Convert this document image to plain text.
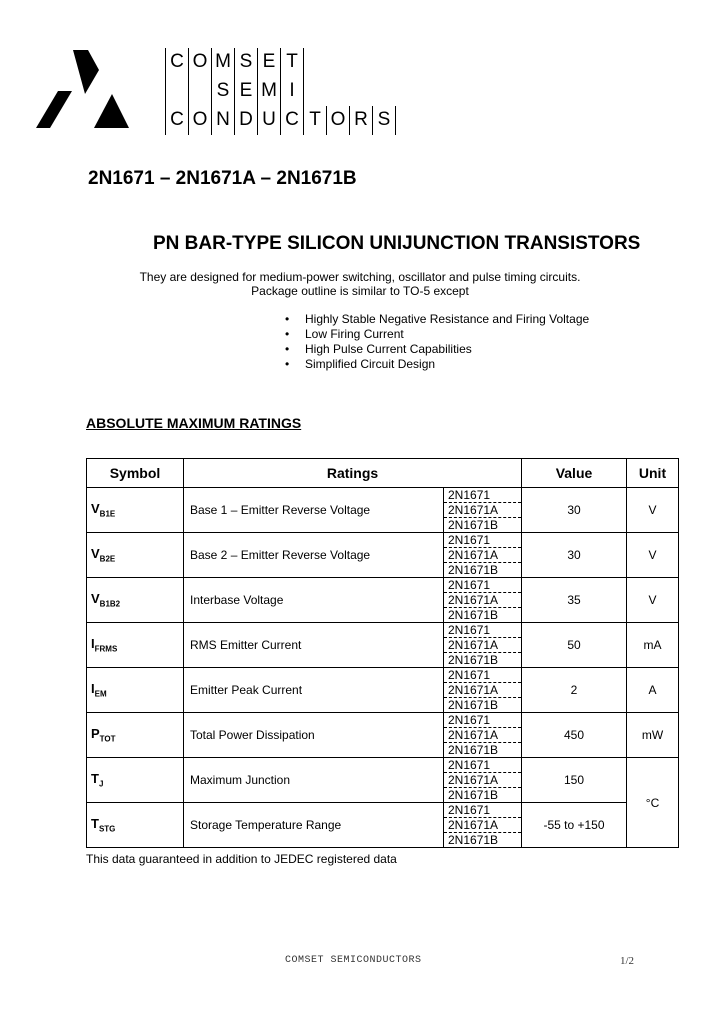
C O M S E T
S E M I
C O N D U C T O R S
2N1671 – 2N1671A – 2N1671B
PN BAR-TYPE SILICON UNIJUNCTION TRANSISTORS
They are designed for medium-power switching, oscillator and pulse timing circuits.
Package outline is similar to TO-5 except
• Highly Stable Negative Resistance and Firing Voltage
• Low Firing Current
• High Pulse Current Capabilities
• Simplified Circuit Design
ABSOLUTE MAXIMUM RATINGS
Symbol	Ratings		Value	Unit
$V_{B1E}$	Base 1 – Emitter Reverse Voltage	2N1671
2N1671A
2N1671B	30	V
$V_{B2E}$	Base 2 – Emitter Reverse Voltage	2N1671
2N1671A
2N1671B	30	V
$V_{B1B2}$	Interbase Voltage	2N1671
2N1671A
2N1671B	35	V
$I_{FRMS}$	RMS Emitter Current	2N1671
2N1671A
2N1671B	50	mA
$I_{EM}$	Emitter Peak Current	2N1671
2N1671A
2N1671B	2	A
$P_{TOT}$	Total Power Dissipation	2N1671
2N1671A
2N1671B	450	mW
$T_J$	Maximum Junction	2N1671
2N1671A
2N1671B	150	°C
$T_{STG}$	Storage Temperature Range	2N1671
2N1671A
2N1671B	-55 to +150	
This data guaranteed in addition to JEDEC registered data
COMSET SEMICONDUCTORS	1/2
